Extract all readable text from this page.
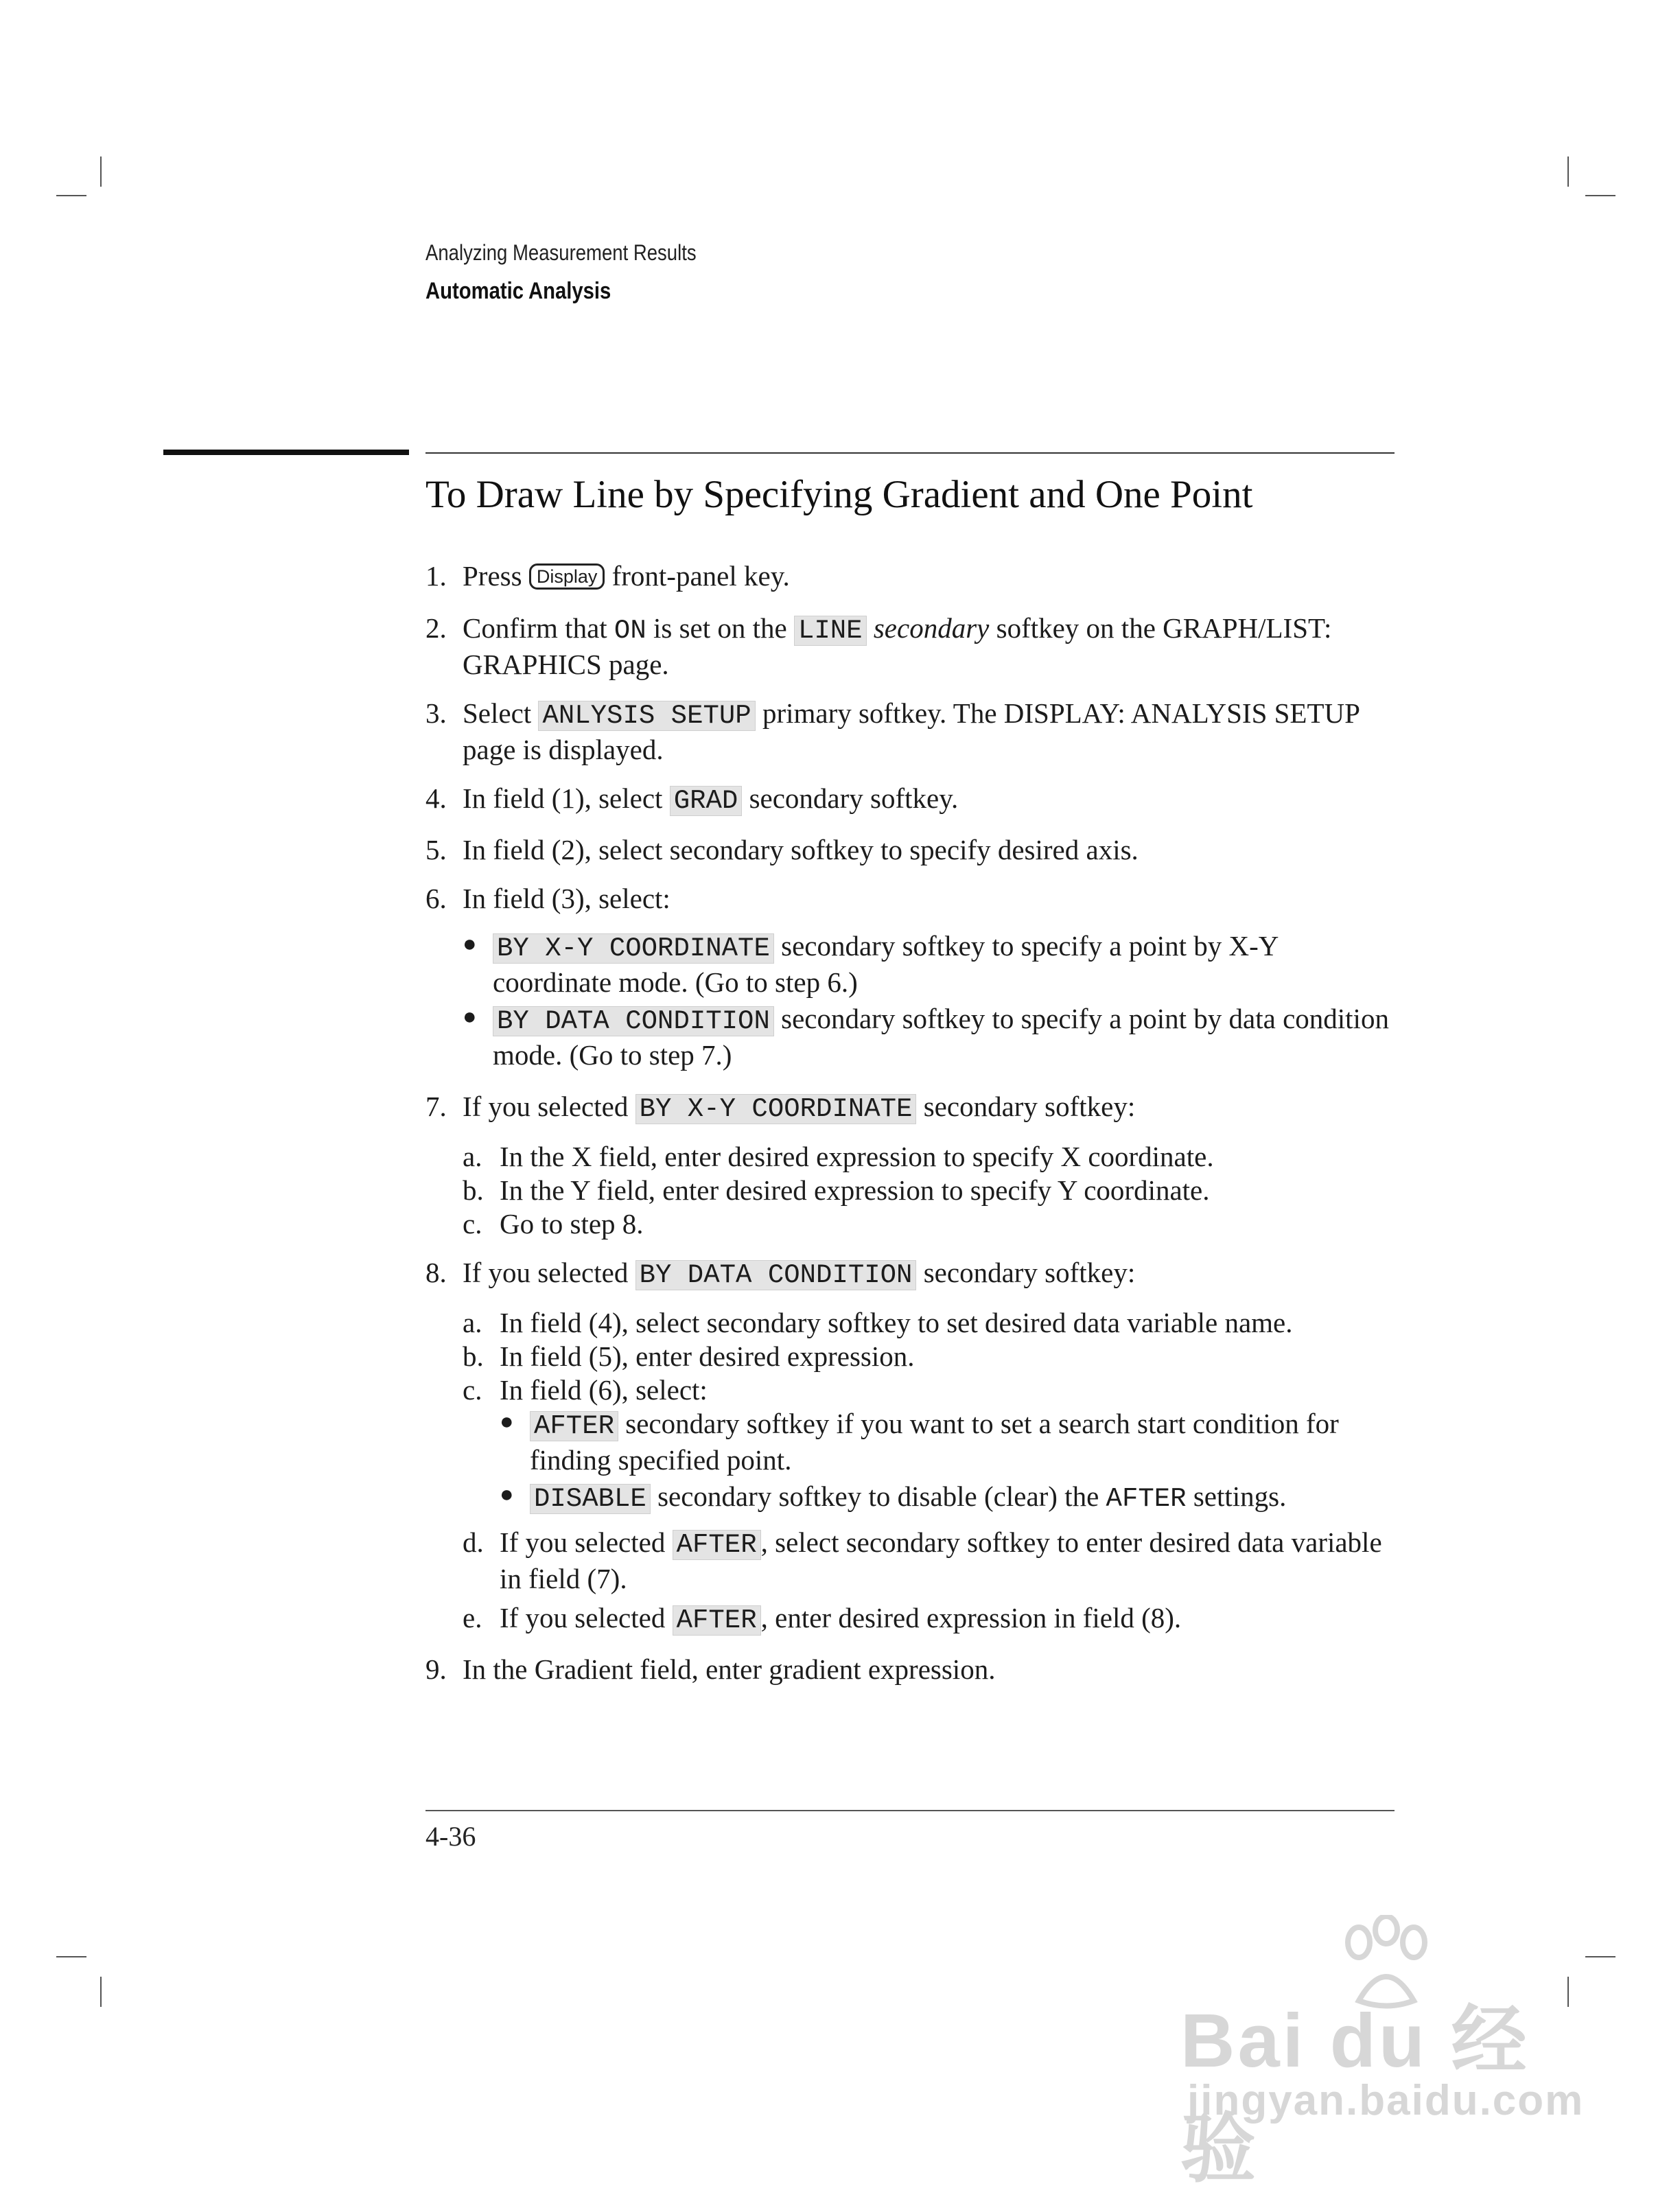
Analyzing Measurement Results
Automatic Analysis
To Draw Line by Specifying Gradient and One Point
1. Press Display front-panel key.
2. Confirm that ON is set on the LINE secondary softkey on the GRAPH/LIST: GRAPHICS page.
3. Select ANLYSIS SETUP primary softkey. The DISPLAY: ANALYSIS SETUP page is displayed.
4. In field (1), select GRAD secondary softkey.
5. In field (2), select secondary softkey to specify desired axis.
6. In field (3), select:
● BY X-Y COORDINATE secondary softkey to specify a point by X-Y coordinate mode. (Go to step 6.)
● BY DATA CONDITION secondary softkey to specify a point by data condition mode. (Go to step 7.)
7. If you selected BY X-Y COORDINATE secondary softkey:
a. In the X field, enter desired expression to specify X coordinate.
b. In the Y field, enter desired expression to specify Y coordinate.
c. Go to step 8.
8. If you selected BY DATA CONDITION secondary softkey:
a. In field (4), select secondary softkey to set desired data variable name.
b. In field (5), enter desired expression.
c. In field (6), select:
● AFTER secondary softkey if you want to set a search start condition for finding specified point.
● DISABLE secondary softkey to disable (clear) the AFTER settings.
d. If you selected AFTER , select secondary softkey to enter desired data variable in field (7).
e. If you selected AFTER , enter desired expression in field (8).
9. In the Gradient field, enter gradient expression.
4-36
Bai du 经验
jingyan.baidu.com
